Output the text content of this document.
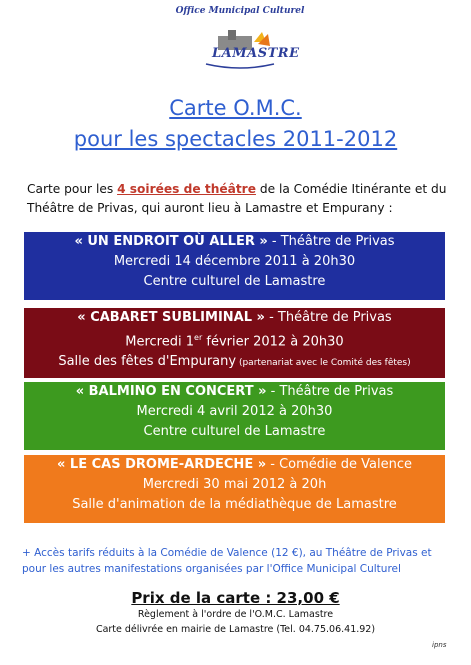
Office Municipal Culturel
LAMASTRE
Carte O.M.C.
pour les spectacles 2011-2012
Carte pour les 4 soirées de théâtre de la Comédie Itinérante et du Théâtre de Privas, qui auront lieu à Lamastre et Empurany :
« UN ENDROIT OÙ ALLER » - Théâtre de Privas
Mercredi 14 décembre 2011 à 20h30
Centre culturel de Lamastre
« CABARET SUBLIMINAL » - Théâtre de Privas
Mercredi 1er février 2012 à 20h30
Salle des fêtes d'Empurany (partenariat avec le Comité des fêtes)
« BALMINO EN CONCERT » - Théâtre de Privas
Mercredi 4 avril 2012 à 20h30
Centre culturel de Lamastre
« LE CAS DROME-ARDECHE » - Comédie de Valence
Mercredi 30 mai 2012 à 20h
Salle d'animation de la médiathèque de Lamastre
+ Accès tarifs réduits à la Comédie de Valence (12 €), au Théâtre de Privas et pour les autres manifestations organisées par l'Office Municipal Culturel
Prix de la carte : 23,00 €
Règlement à l'ordre de l'O.M.C. Lamastre
Carte délivrée en mairie de Lamastre (Tel. 04.75.06.41.92)
ipns
